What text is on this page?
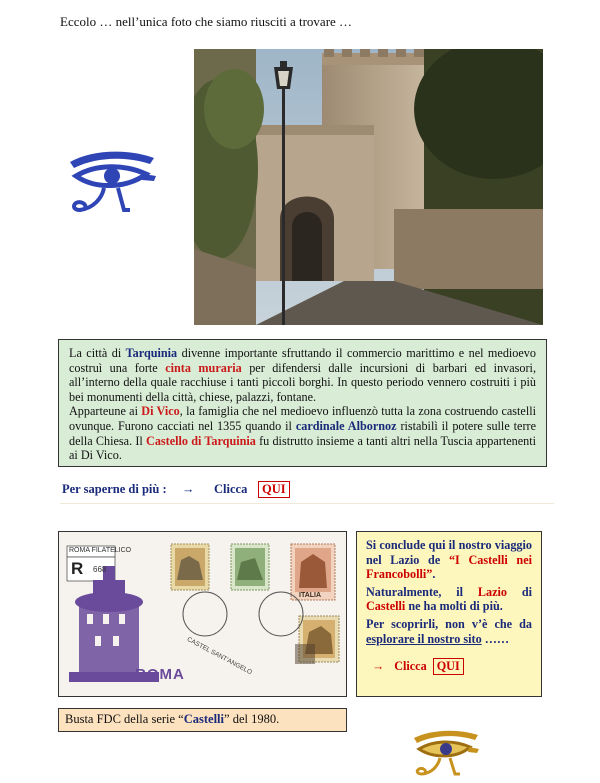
Eccolo … nell’unica foto che siamo riusciti a trovare …

La città di Tarquinia divenne importante sfruttando il commercio marittimo e nel medioevo costruì una forte cinta muraria per difendersi dalle incursioni di barbari ed invasori, all’interno della quale racchiuse i tanti piccoli borghi. In questo periodo vennero costruiti i più bei monumenti della città, chiese, palazzi, fontane.

Apparteune ai Di Vico, la famiglia che nel medioevo influenzò tutta la zona costruendo castelli ovunque. Furono cacciati nel 1355 quando il cardinale Albornoz ristabilì il potere sulle terre della Chiesa. Il Castello di Tarquinia fu distrutto insieme a tanti altri nella Tuscia appartenenti ai Di Vico.

Per saperne di più : → Clicca	QUI
ROMA FILATELICO
R 668
CASTEL SANT'ANGELO
ITALIA
ROMA

Si conclude qui il nostro viaggio nel Lazio de “I Castelli nei Francobolli”.

Naturalmente, il Lazio di Castelli ne ha molti di più.

Per scoprirli, non v’è che da esplorare il nostro sito ……

→ Clicca QUI
Busta FDC della serie “Castelli” del 1980.
